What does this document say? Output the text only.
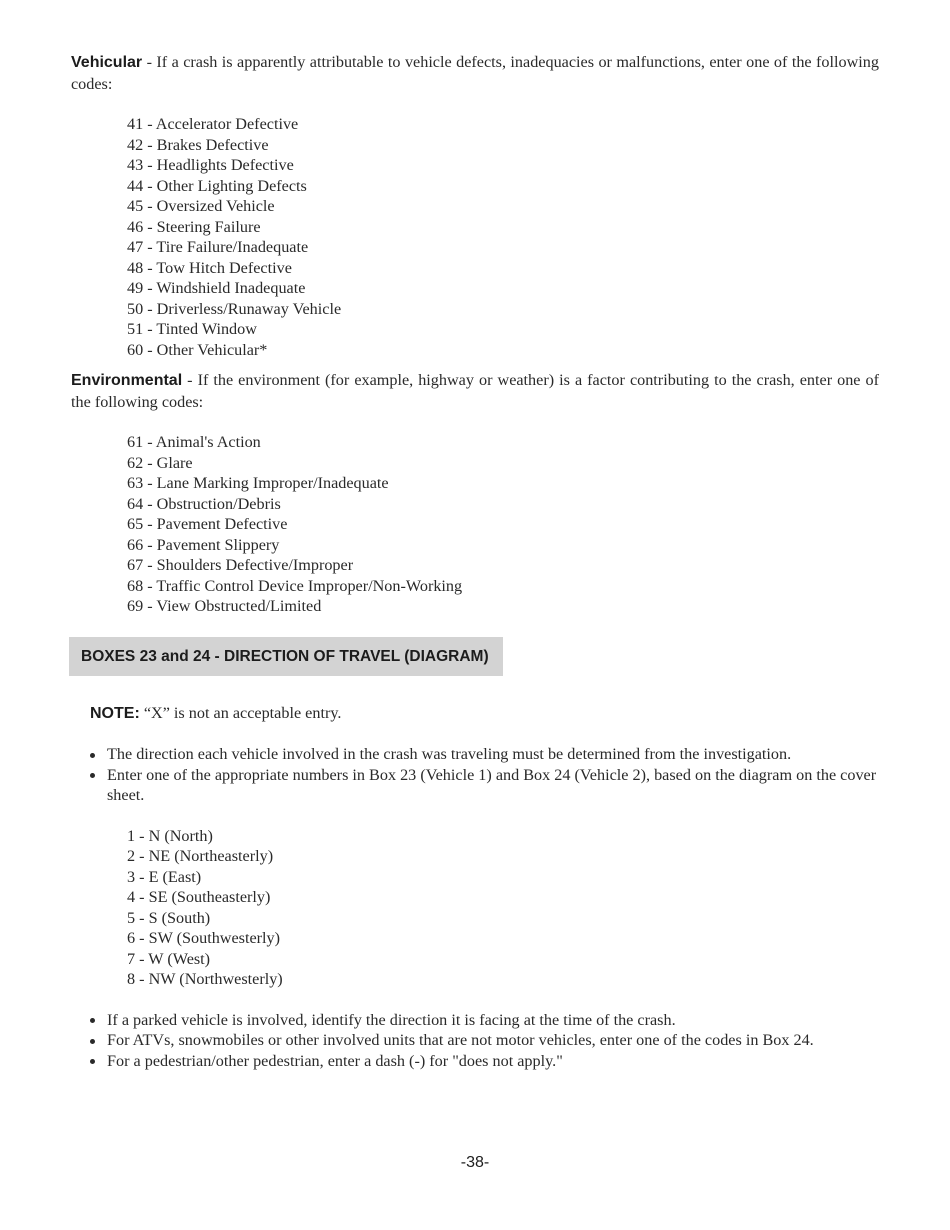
Vehicular - If a crash is apparently attributable to vehicle defects, inadequacies or malfunctions, enter one of the following codes:

41 - Accelerator Defective
42 - Brakes Defective
43 - Headlights Defective
44 - Other Lighting Defects
45 - Oversized Vehicle
46 - Steering Failure
47 - Tire Failure/Inadequate
48 - Tow Hitch Defective
49 - Windshield Inadequate
50 - Driverless/Runaway Vehicle
51 - Tinted Window
60 - Other Vehicular*

Environmental - If the environment (for example, highway or weather) is a factor contributing to the crash, enter one of the following codes:

61 - Animal's Action
62 - Glare
63 - Lane Marking Improper/Inadequate
64 - Obstruction/Debris
65 - Pavement Defective
66 - Pavement Slippery
67 - Shoulders Defective/Improper
68 - Traffic Control Device Improper/Non-Working
69 - View Obstructed/Limited
BOXES 23 and 24 - DIRECTION OF TRAVEL (DIAGRAM)

NOTE: “X” is not an acceptable entry.

The direction each vehicle involved in the crash was traveling must be determined from the investigation.
Enter one of the appropriate numbers in Box 23 (Vehicle 1) and Box 24 (Vehicle 2), based on the diagram on the cover sheet.
1 - N (North)
2 - NE (Northeasterly)
3 - E (East)
4 - SE (Southeasterly)
5 - S (South)
6 - SW (Southwesterly)
7 - W (West)
8 - NW (Northwesterly)
If a parked vehicle is involved, identify the direction it is facing at the time of the crash.
For ATVs, snowmobiles or other involved units that are not motor vehicles, enter one of the codes in Box 24.
For a pedestrian/other pedestrian, enter a dash (-) for "does not apply."
-38-
